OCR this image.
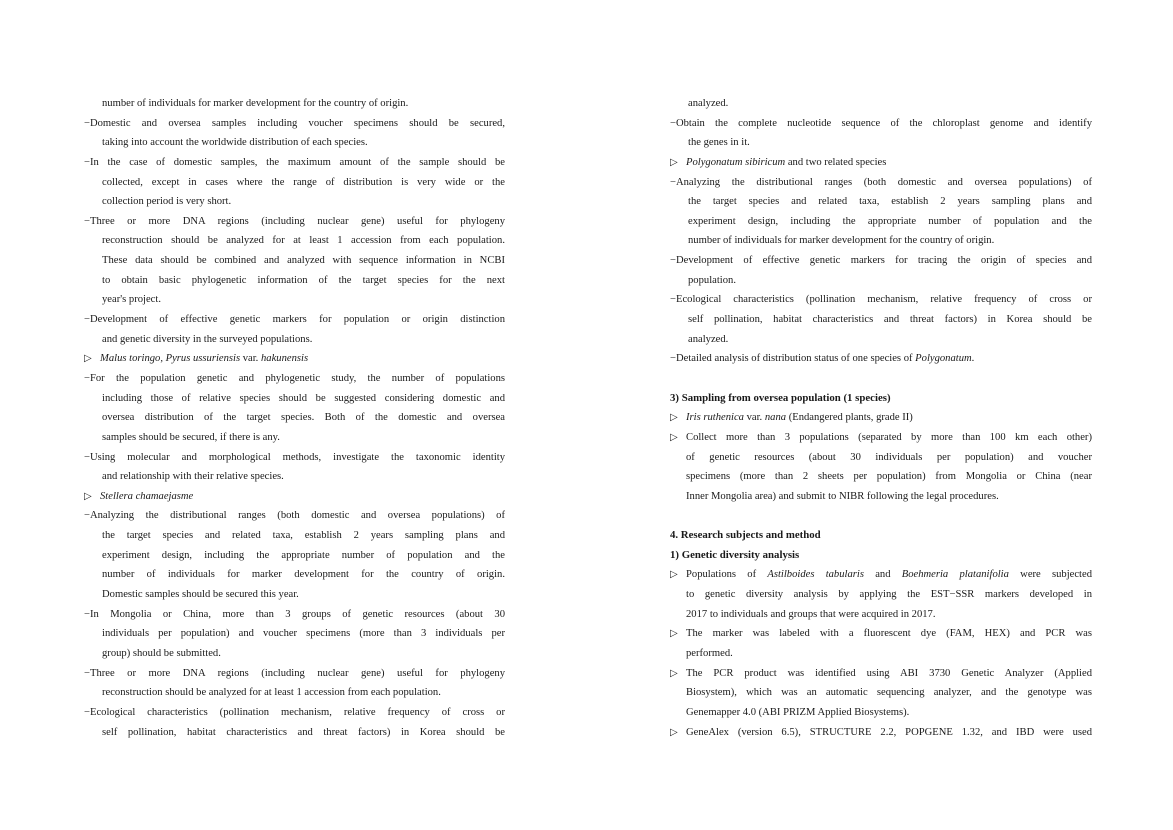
number of individuals for marker development for the country of origin.
−Domestic and oversea samples including voucher specimens should be secured,
taking into account the worldwide distribution of each species.
−In the case of domestic samples, the maximum amount of the sample should be
collected, except in cases where the range of distribution is very wide or the
collection period is very short.
−Three or more DNA regions (including nuclear gene) useful for phylogeny
reconstruction should be analyzed for at least 1 accession from each population.
These data should be combined and analyzed with sequence information in NCBI
to obtain basic phylogenetic information of the target species for the next
year's project.
−Development of effective genetic markers for population or origin distinction
and genetic diversity in the surveyed populations.
▷ Malus toringo, Pyrus ussuriensis var. hakunensis
−For the population genetic and phylogenetic study, the number of populations
including those of relative species should be suggested considering domestic and
oversea distribution of the target species. Both of the domestic and oversea
samples should be secured, if there is any.
−Using molecular and morphological methods, investigate the taxonomic identity
and relationship with their relative species.
▷ Stellera chamaejasme
−Analyzing the distributional ranges (both domestic and oversea populations) of
the target species and related taxa, establish 2 years sampling plans and
experiment design, including the appropriate number of population and the
number of individuals for marker development for the country of origin.
Domestic samples should be secured this year.
−In Mongolia or China, more than 3 groups of genetic resources (about 30
individuals per population) and voucher specimens (more than 3 individuals per
group) should be submitted.
−Three or more DNA regions (including nuclear gene) useful for phylogeny
reconstruction should be analyzed for at least 1 accession from each population.
−Ecological characteristics (pollination mechanism, relative frequency of cross or
self pollination, habitat characteristics and threat factors) in Korea should be
analyzed.
−Obtain the complete nucleotide sequence of the chloroplast genome and identify
the genes in it.
▷ Polygonatum sibiricum and two related species
−Analyzing the distributional ranges (both domestic and oversea populations) of
the target species and related taxa, establish 2 years sampling plans and
experiment design, including the appropriate number of population and the
number of individuals for marker development for the country of origin.
−Development of effective genetic markers for tracing the origin of species and
population.
−Ecological characteristics (pollination mechanism, relative frequency of cross or
self pollination, habitat characteristics and threat factors) in Korea should be
analyzed.
−Detailed analysis of distribution status of one species of Polygonatum.
3) Sampling from oversea population (1 species)
▷ Iris ruthenica var. nana (Endangered plants, grade II)
▷ Collect more than 3 populations (separated by more than 100 km each other)
of genetic resources (about 30 individuals per population) and voucher
specimens (more than 2 sheets per population) from Mongolia or China (near
Inner Mongolia area) and submit to NIBR following the legal procedures.
4. Research subjects and method
1) Genetic diversity analysis
▷ Populations of Astilboides tabularis and Boehmeria platanifolia were subjected
to genetic diversity analysis by applying the EST−SSR markers developed in
2017 to individuals and groups that were acquired in 2017.
▷ The marker was labeled with a fluorescent dye (FAM, HEX) and PCR was
performed.
▷ The PCR product was identified using ABI 3730 Genetic Analyzer (Applied
Biosystem), which was an automatic sequencing analyzer, and the genotype was
Genemapper 4.0 (ABI PRIZM Applied Biosystems).
▷ GeneAlex (version 6.5), STRUCTURE 2.2, POPGENE 1.32, and IBD were used
